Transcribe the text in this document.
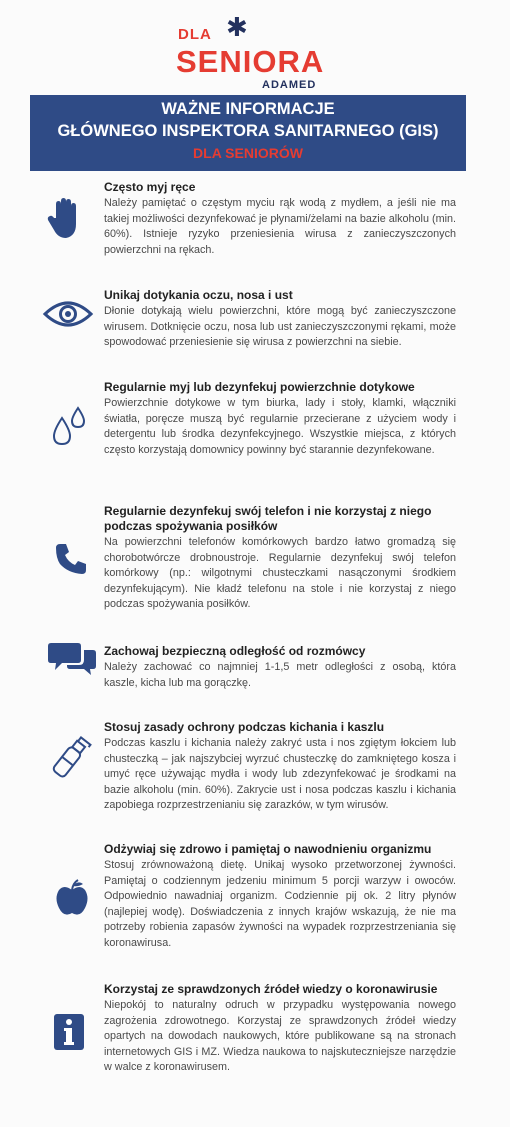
✱
DLA
SENIORA
ADAMED
WAŻNE INFORMACJE
GŁÓWNEGO INSPEKTORA SANITARNEGO (GIS)
DLA SENIORÓW
Często myj ręce
Należy pamiętać o częstym myciu rąk wodą z mydłem, a jeśli nie ma takiej możliwości dezynfekować je płynami/żelami na bazie alkoholu (min. 60%). Istnieje ryzyko przeniesienia wirusa z zanieczyszczonych powierzchni na rękach.
Unikaj dotykania oczu, nosa i ust
Dłonie dotykają wielu powierzchni, które mogą być zanieczyszczone wirusem. Dotknięcie oczu, nosa lub ust zanieczyszczonymi rękami, może spowodować przeniesienie się wirusa z powierzchni na siebie.
Regularnie myj lub dezynfekuj powierzchnie dotykowe
Powierzchnie dotykowe w tym biurka, lady i stoły, klamki, włączniki światła, poręcze muszą być regularnie przecierane z użyciem wody i detergentu lub środka dezynfekcyjnego. Wszystkie miejsca, z których często korzystają domownicy powinny być starannie dezynfekowane.
Regularnie dezynfekuj swój telefon i nie korzystaj z niego podczas spożywania posiłków
Na powierzchni telefonów komórkowych bardzo łatwo gromadzą się chorobotwórcze drobnoustroje. Regularnie dezynfekuj swój telefon komórkowy (np.: wilgotnymi chusteczkami nasączonymi środkiem dezynfekującym). Nie kładź telefonu na stole i nie korzystaj z niego podczas spożywania posiłków.
Zachowaj bezpieczną odległość od rozmówcy
Należy zachować co najmniej 1-1,5 metr odległości z osobą, która kaszle, kicha lub ma gorączkę.
Stosuj zasady ochrony podczas kichania i kaszlu
Podczas kaszlu i kichania należy zakryć usta i nos zgiętym łokciem lub chusteczką – jak najszybciej wyrzuć chusteczkę do zamkniętego kosza i umyć ręce używając mydła i wody lub zdezynfekować je środkami na bazie alkoholu (min. 60%). Zakrycie ust i nosa podczas kaszlu i kichania zapobiega rozprzestrzenianiu się zarazków, w tym wirusów.
Odżywiaj się zdrowo i pamiętaj o nawodnieniu organizmu
Stosuj zrównoważoną dietę. Unikaj wysoko przetworzonej żywności. Pamiętaj o codziennym jedzeniu minimum 5 porcji warzyw i owoców. Odpowiednio nawadniaj organizm. Codziennie pij ok. 2 litry płynów (najlepiej wodę). Doświadczenia z innych krajów wskazują, że nie ma potrzeby robienia zapasów żywności na wypadek rozprzestrzeniania się koronawirusa.
Korzystaj ze sprawdzonych źródeł wiedzy o koronawirusie
Niepokój to naturalny odruch w przypadku występowania nowego zagrożenia zdrowotnego. Korzystaj ze sprawdzonych źródeł wiedzy opartych na dowodach naukowych, które publikowane są na stronach internetowych GIS i MZ. Wiedza naukowa to najskuteczniejsze narzędzie w walce z koronawirusem.
